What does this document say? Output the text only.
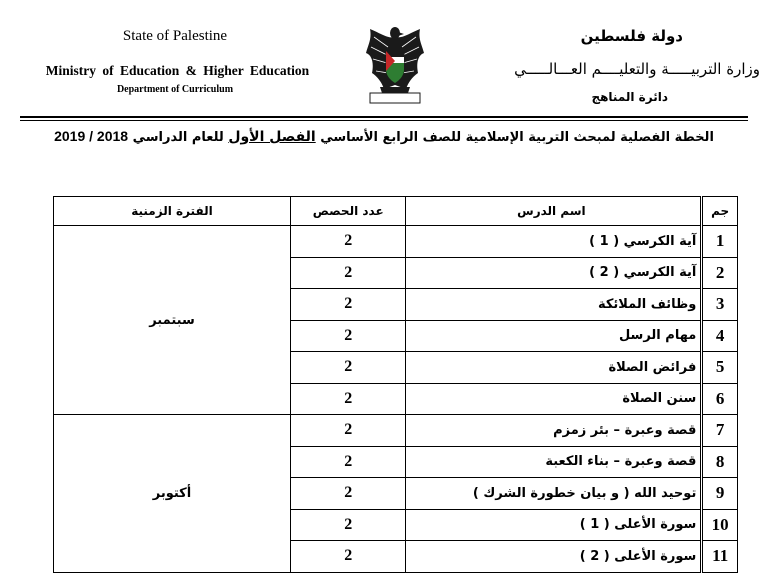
State of Palestine
Ministry of Education & Higher Education
Department of Curriculum
دولة فلسطين
وزارة التربيـــــة والتعليــــم العـــالـــــي
دائرة المناهج
الخطة الفصلية لمبحث التربية الإسلامية للصف الرابع الأساسي الفصل الأول للعام الدراسي 2018 / 2019
جم	اسم الدرس	عدد الحصص	الفترة الزمنية
1	آية الكرسي ( 1 )	2	سبتمبر
2	آية الكرسي ( 2 )	2	
3	وظائف الملائكة	2	
4	مهام الرسل	2	
5	فرائض الصلاة	2	
6	سنن الصلاة	2	
7	قصة وعبرة – بئر زمزم	2	أكتوبر
8	قصة وعبرة – بناء الكعبة	2	
9	توحيد الله ( و بيان خطورة الشرك )	2	
10	سورة الأعلى ( 1 )	2	
11	سورة الأعلى ( 2 )	2	
